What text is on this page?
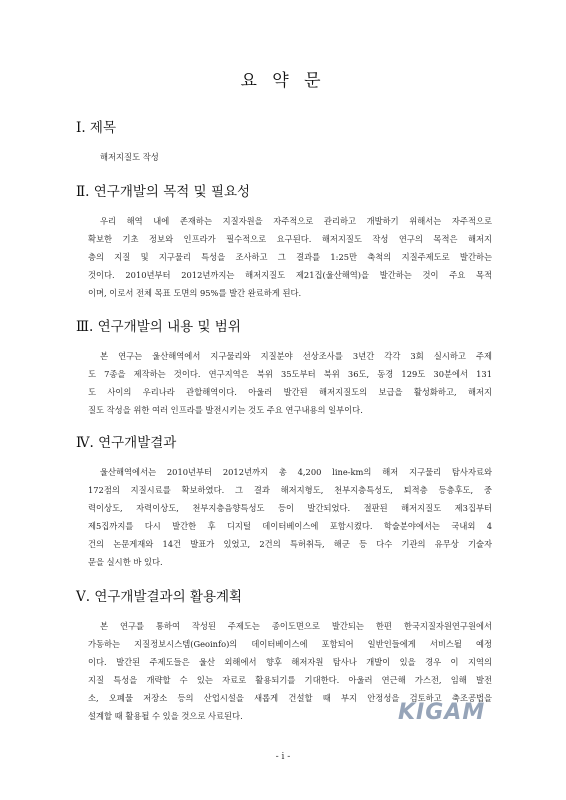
요 약 문
Ⅰ. 제목
해저지질도 작성
Ⅱ. 연구개발의 목적 및 필요성
우리 해역 내에 존재하는 지질자원을 자주적으로 관리하고 개발하기 위해서는 자주적으로
확보한 기초 정보와 인프라가 필수적으로 요구된다. 해저지질도 작성 연구의 목적은 해저지
층의 지질 및 지구물리 특성을 조사하고 그 결과를 1:25만 축척의 지질주제도로 발간하는
것이다. 2010년부터 2012년까지는 해저지질도 제21집(울산해역)을 발간하는 것이 주요 목적
이며, 이로서 전체 목표 도면의 95%를 발간 완료하게 된다.
Ⅲ. 연구개발의 내용 및 범위
본 연구는 울산해역에서 지구물리와 지질분야 선상조사를 3년간 각각 3회 실시하고 주제
도 7종을 제작하는 것이다. 연구지역은 북위 35도부터 북위 36도, 동경 129도 30분에서 131
도 사이의 우리나라 관할해역이다. 아울러 발간된 해저지질도의 보급을 활성화하고, 해저지
질도 작성을 위한 여러 인프라를 발전시키는 것도 주요 연구내용의 일부이다.
Ⅳ. 연구개발결과
울산해역에서는 2010년부터 2012년까지 총 4,200 line-km의 해저 지구물리 탐사자료와
172점의 지질시료를 확보하였다. 그 결과 해저지형도, 천부지층특성도, 퇴적층 등층후도, 중
력이상도, 자력이상도, 천부지층음향특성도 등이 발간되었다. 절판된 해저지질도 제3집부터
제5집까지를 다시 발간한 후 디지털 데이터베이스에 포함시켰다. 학술분야에서는 국내외 4
건의 논문게재와 14건 발표가 있었고, 2건의 특허취득, 해군 등 다수 기관의 유무상 기술자
문을 실시한 바 있다.
Ⅴ. 연구개발결과의 활용계획
본 연구를 통하여 작성된 주제도는 종이도면으로 발간되는 한편 한국지질자원연구원에서
가동하는 지질정보시스템(Geoinfo)의 데이터베이스에 포함되어 일반인들에게 서비스될 예정
이다. 발간된 주제도들은 울산 외해에서 향후 해저자원 탐사나 개발이 있을 경우 이 지역의
지질 특성을 개략할 수 있는 자료로 활용되기를 기대한다. 아울러 연근해 가스전, 임해 발전
소, 오폐물 저장소 등의 산업시설을 새롭게 건설할 때 부지 안정성을 검토하고 축조공법을
설계할 때 활용될 수 있을 것으로 사료된다.	KIGAM
- i -
